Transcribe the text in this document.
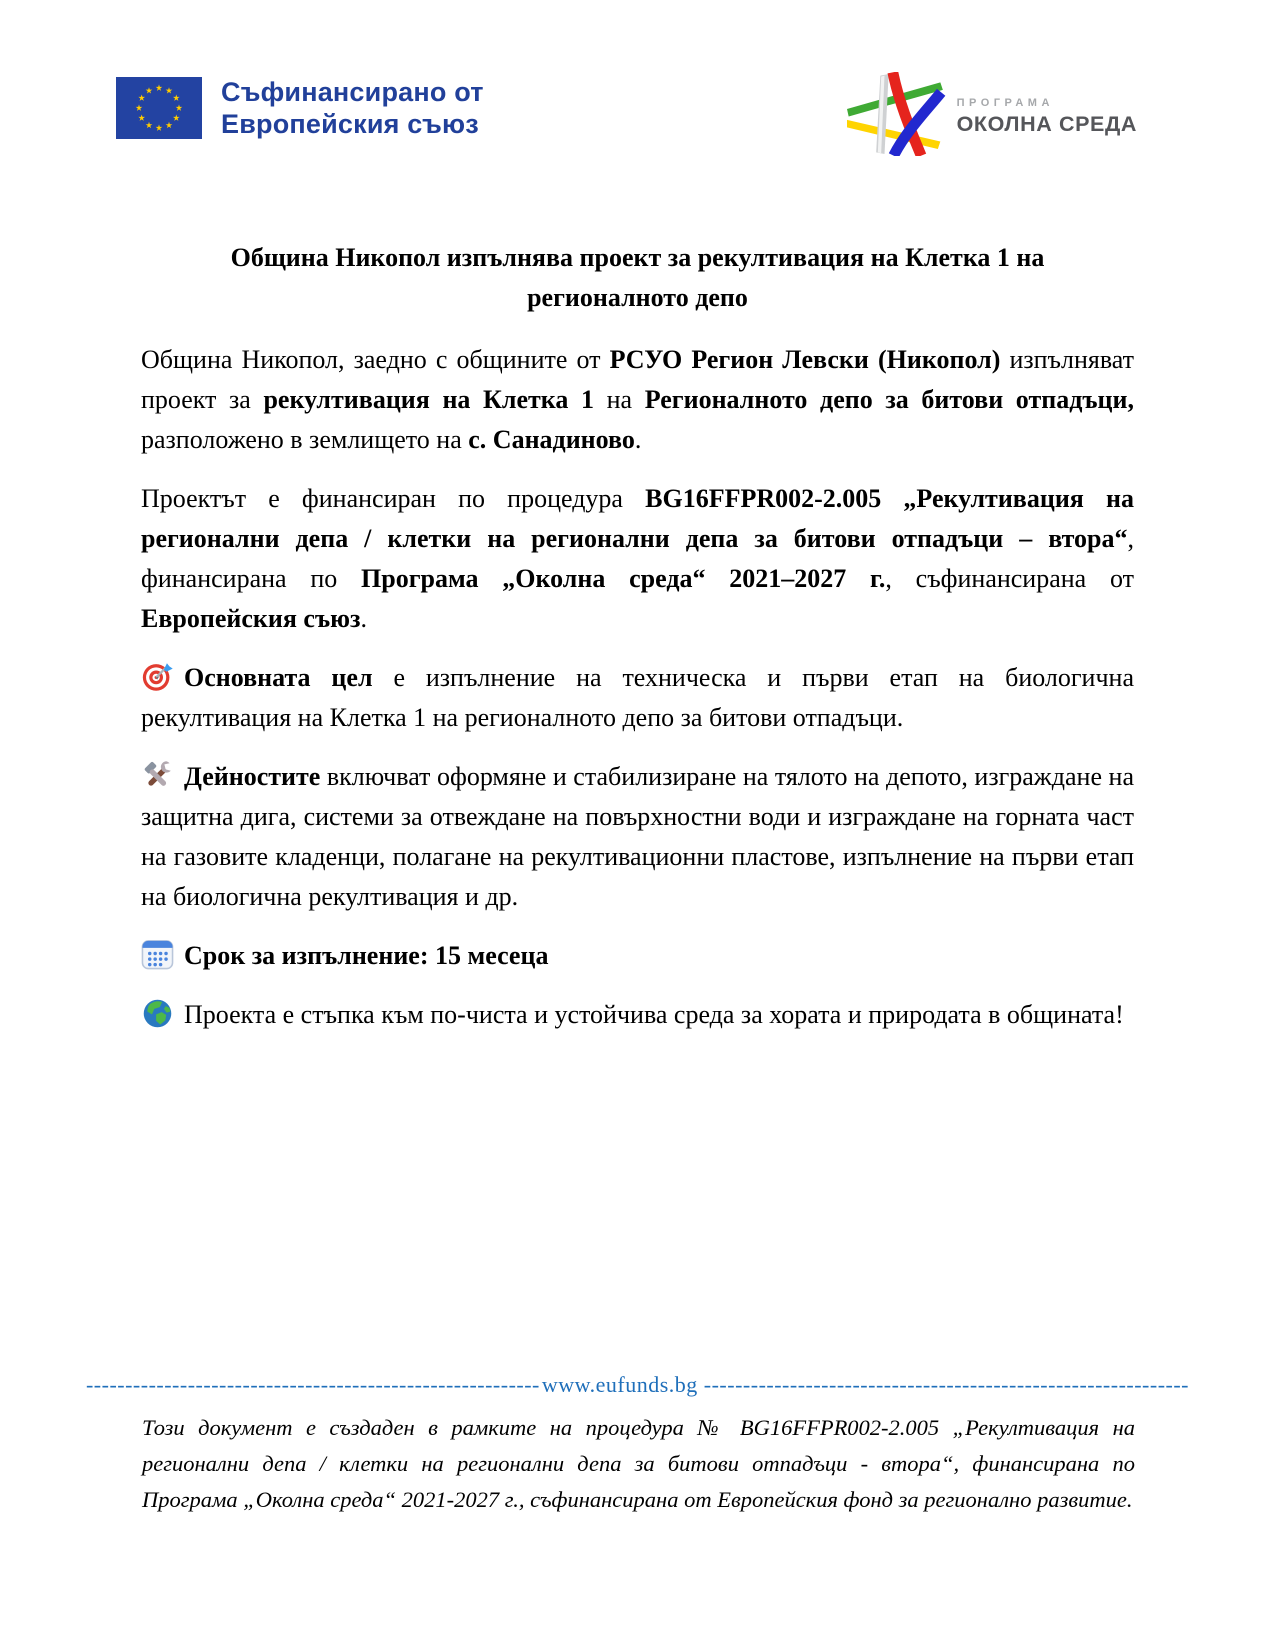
Съфинансирано от
Европейския съюз
ПРОГРАМА
ОКОЛНА СРЕДА
Община Никопол изпълнява проект за рекултивация на Клетка 1 на регионалното депо

Община Никопол, заедно с общините от РСУО Регион Левски (Никопол) изпълняват проект за рекултивация на Клетка 1 на Регионалното депо за битови отпадъци, разположено в землището на с. Санадиново.

Проектът е финансиран по процедура BG16FFPR002-2.005 „Рекултивация на регионални депа / клетки на регионални депа за битови отпадъци – втора“, финансирана по Програма „Околна среда“ 2021–2027 г., съфинансирана от Европейския съюз.

Основната цел е изпълнение на техническа и първи етап на биологична рекултивация на Клетка 1 на регионалното депо за битови отпадъци.

Дейностите включват оформяне и стабилизиране на тялото на депото, изграждане на защитна дига, системи за отвеждане на повърхностни води и изграждане на горната част на газовите кладенци, полагане на рекултивационни пластове, изпълнение на първи етап на биологична рекултивация и др.

Срок за изпълнение: 15 месеца

Проекта е стъпка към по-чиста и устойчива среда за хората и природата в общината!

----------------------------------------------------------www.eufunds.bg --------------------------------------------------------------

Този документ е създаден в рамките на процедура № BG16FFPR002-2.005 „Рекултивация на регионални депа / клетки на регионални депа за битови отпадъци - втора“, финансирана по Програма „Околна среда“ 2021-2027 г., съфинансирана от Европейския фонд за регионално развитие.
